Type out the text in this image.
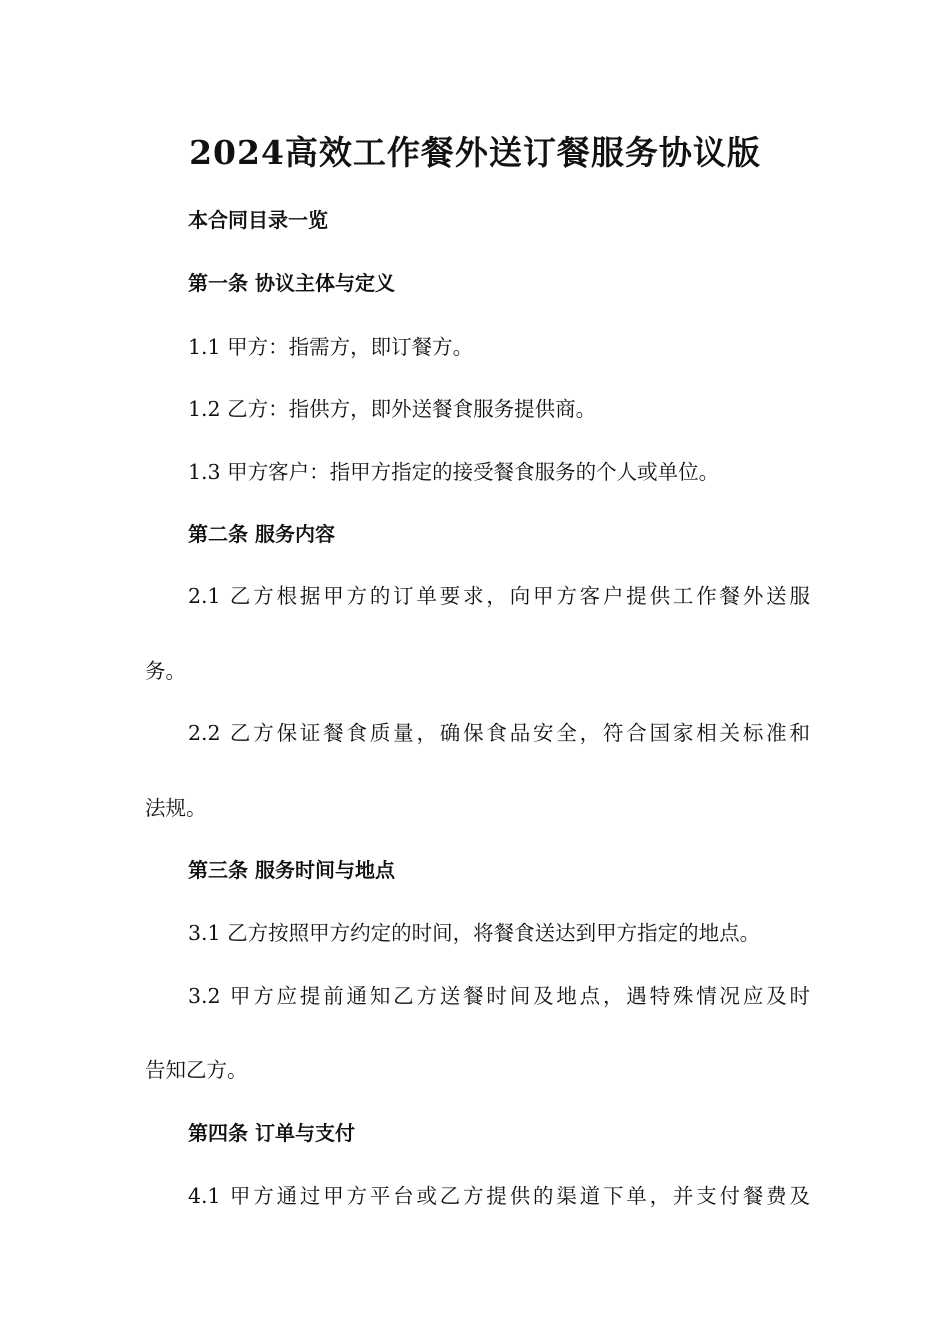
2024高效工作餐外送订餐服务协议版

本合同目录一览

第一条 协议主体与定义

1.1 甲方：指需方，即订餐方。

1.2 乙方：指供方，即外送餐食服务提供商。

1.3 甲方客户：指甲方指定的接受餐食服务的个人或单位。

第二条 服务内容

2.1 乙方根据甲方的订单要求，向甲方客户提供工作餐外送服

务。

2.2 乙方保证餐食质量，确保食品安全，符合国家相关标准和

法规。

第三条 服务时间与地点

3.1 乙方按照甲方约定的时间，将餐食送达到甲方指定的地点。

3.2 甲方应提前通知乙方送餐时间及地点，遇特殊情况应及时

告知乙方。

第四条 订单与支付

4.1 甲方通过甲方平台或乙方提供的渠道下单，并支付餐费及
